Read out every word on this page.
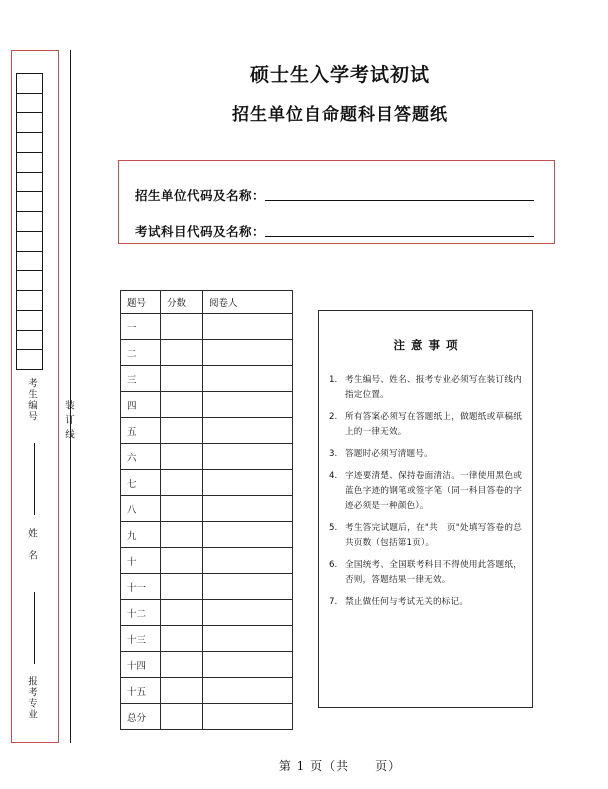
考生编号
姓　名
报考专业
装订线
硕士生入学考试初试
招生单位自命题科目答题纸
招生单位代码及名称：
考试科目代码及名称：
题号	分数	阅卷人
一		
二		
三		
四		
五		
六		
七		
八		
九		
十		
十一		
十二		
十三		
十四		
十五		
总分		
注意事项
1. 考生编号、姓名、报考专业必须写在装订线内指定位置。
2. 所有答案必须写在答题纸上，做题纸或草稿纸上的一律无效。
3. 答题时必须写清题号。
4. 字迹要清楚、保持卷面清洁。一律使用黑色或蓝色字迹的钢笔或签字笔（同一科目答卷的字迹必须是一种颜色）。
5. 考生答完试题后，在"共　页"处填写答卷的总共页数（包括第1页）。
6. 全国统考、全国联考科目不得使用此答题纸，否则，答题结果一律无效。
7. 禁止做任何与考试无关的标记。
第 1 页（共　　页）
